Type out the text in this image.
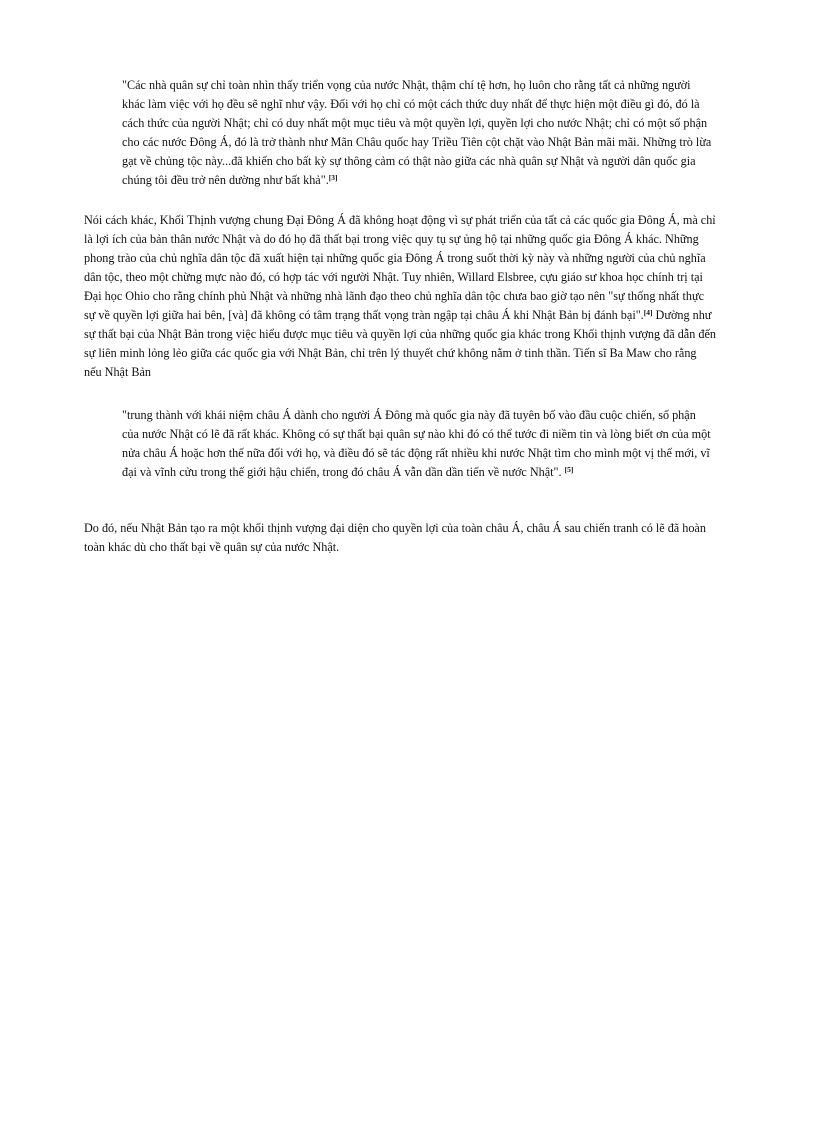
"Các nhà quân sự chỉ toàn nhìn thấy triển vọng của nước Nhật, thậm chí tệ hơn, họ luôn cho rằng tất cả những người khác làm việc với họ đều sẽ nghĩ như vậy. Đối với họ chỉ có một cách thức duy nhất để thực hiện một điều gì đó, đó là cách thức của người Nhật; chỉ có duy nhất một mục tiêu và một quyền lợi, quyền lợi cho nước Nhật; chỉ có một số phận cho các nước Đông Á, đó là trở thành như Mãn Châu quốc hay Triều Tiên cột chặt vào Nhật Bản mãi mãi. Những trò lừa gạt về chủng tộc này...đã khiến cho bất kỳ sự thông cảm có thật nào giữa các nhà quân sự Nhật và người dân quốc gia chúng tôi đều trở nên dường như bất khả".[3]

Nói cách khác, Khối Thịnh vượng chung Đại Đông Á đã không hoạt động vì sự phát triển của tất cả các quốc gia Đông Á, mà chỉ là lợi ích của bản thân nước Nhật và do đó họ đã thất bại trong việc quy tụ sự ủng hộ tại những quốc gia Đông Á khác. Những phong trào của chủ nghĩa dân tộc đã xuất hiện tại những quốc gia Đông Á trong suốt thời kỳ này và những người của chủ nghĩa dân tộc, theo một chừng mực nào đó, có hợp tác với người Nhật. Tuy nhiên, Willard Elsbree, cựu giáo sư khoa học chính trị tại Đại học Ohio cho rằng chính phủ Nhật và những nhà lãnh đạo theo chủ nghĩa dân tộc chưa bao giờ tạo nên "sự thống nhất thực sự về quyền lợi giữa hai bên, [và] đã không có tâm trạng thất vọng tràn ngập tại châu Á khi Nhật Bản bị đánh bại".[4] Dường như sự thất bại của Nhật Bản trong việc hiểu được mục tiêu và quyền lợi của những quốc gia khác trong Khối thịnh vượng đã dẫn đến sự liên minh lỏng lẻo giữa các quốc gia với Nhật Bản, chỉ trên lý thuyết chứ không nằm ở tinh thần. Tiến sĩ Ba Maw cho rằng nếu Nhật Bản

"trung thành với khái niệm châu Á dành cho người Á Đông mà quốc gia này đã tuyên bố vào đầu cuộc chiến, số phận của nước Nhật có lẽ đã rất khác. Không có sự thất bại quân sự nào khi đó có thể tước đi niềm tin và lòng biết ơn của một nửa châu Á hoặc hơn thế nữa đối với họ, và điều đó sẽ tác động rất nhiều khi nước Nhật tìm cho mình một vị thế mới, vĩ đại và vĩnh cửu trong thế giới hậu chiến, trong đó châu Á vẫn dần dần tiến về nước Nhật". [5]

Do đó, nếu Nhật Bản tạo ra một khối thịnh vượng đại diện cho quyền lợi của toàn châu Á, châu Á sau chiến tranh có lẽ đã hoàn toàn khác dù cho thất bại về quân sự của nước Nhật.
